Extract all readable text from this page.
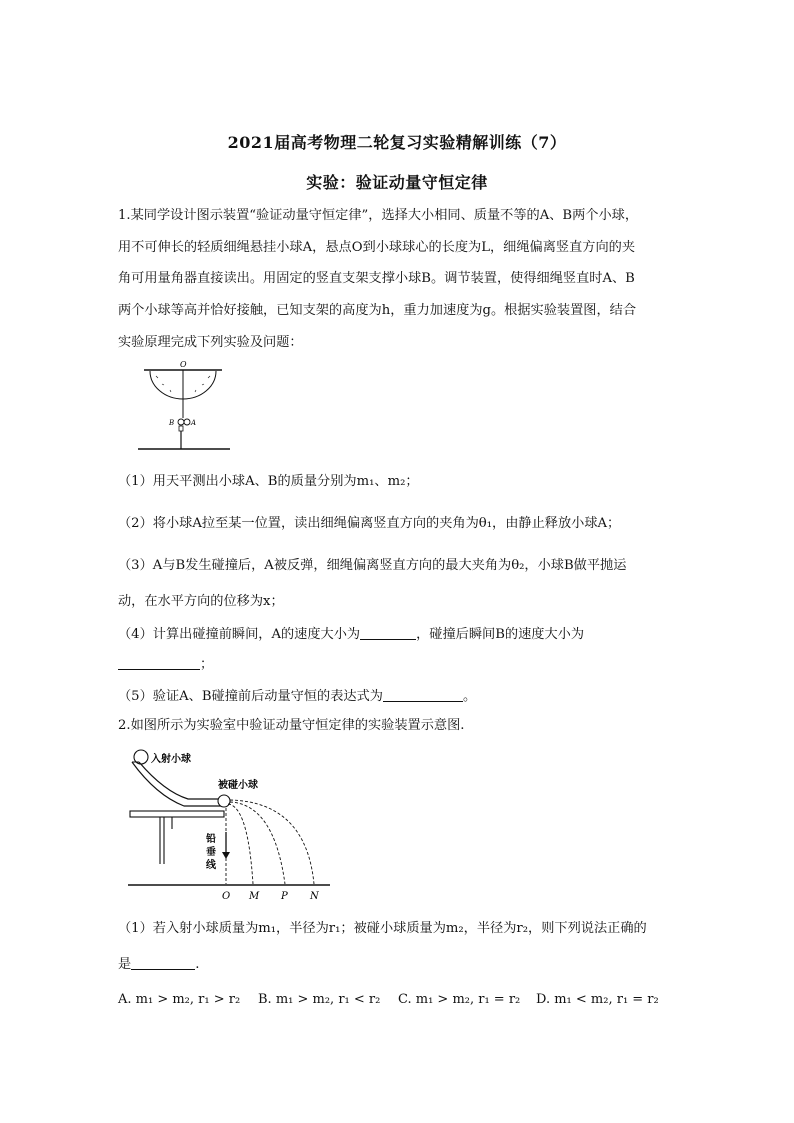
2021届高考物理二轮复习实验精解训练（7）
实验：验证动量守恒定律
1.某同学设计图示装置“验证动量守恒定律”，选择大小相同、质量不等的A、B两个小球，
用不可伸长的轻质细绳悬挂小球A，悬点O到小球球心的长度为L，细绳偏离竖直方向的夹
角可用量角器直接读出。用固定的竖直支架支撑小球B。调节装置，使得细绳竖直时A、B
两个小球等高并恰好接触，已知支架的高度为h，重力加速度为g。根据实验装置图，结合
实验原理完成下列实验及问题：
O
B A
（1）用天平测出小球A、B的质量分别为m₁、m₂；
（2）将小球A拉至某一位置，读出细绳偏离竖直方向的夹角为θ₁，由静止释放小球A；
（3）A与B发生碰撞后，A被反弹，细绳偏离竖直方向的最大夹角为θ₂，小球B做平抛运
动，在水平方向的位移为x；
（4）计算出碰撞前瞬间，A的速度大小为	，碰撞后瞬间B的速度大小为
；
（5）验证A、B碰撞前后动量守恒的表达式为	。
2.如图所示为实验室中验证动量守恒定律的实验装置示意图.
入射小球
被碰小球
铅
垂
线
O M P N
（1）若入射小球质量为m₁，半径为r₁；被碰小球质量为m₂，半径为r₂，则下列说法正确的
是	.
A. m₁ > m₂, r₁ > r₂ B. m₁ > m₂, r₁ < r₂ C. m₁ > m₂, r₁ = r₂ D. m₁ < m₂, r₁ = r₂
